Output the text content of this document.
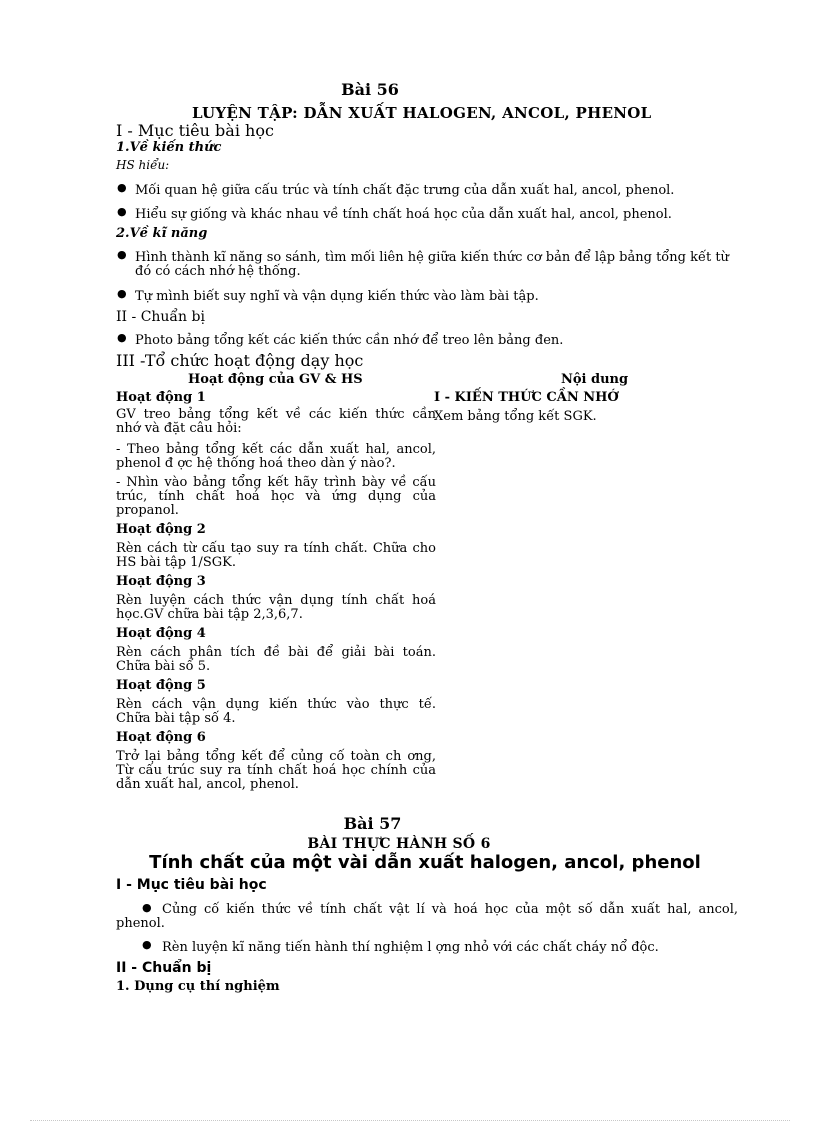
Bài 56
LUYỆN TẬP: DẪN XUẤT HALOGEN, ANCOL, PHENOL
I - Mục tiêu bài học
1.Về kiến thức
HS hiểu:
● Mối quan hệ giữa cấu trúc và tính chất đặc trưng của dẫn xuất hal, ancol, phenol.
● Hiểu sự giống và khác nhau về tính chất hoá học của dẫn xuất hal, ancol, phenol.
2.Về kĩ năng
● Hình thành kĩ năng so sánh, tìm mối liên hệ giữa kiến thức cơ bản để lập bảng tổng kết từ
đó có cách nhớ hệ thống.
● Tự mình biết suy nghĩ và vận dụng kiến thức vào làm bài tập.
II - Chuẩn bị
● Photo bảng tổng kết các kiến thức cần nhớ để treo lên bảng đen.
III -Tổ chức hoạt động dạy học
Hoạt động của GV & HS	Nội dung
Hoạt động 1
GV treo bảng tổng kết về các kiến thức cần
nhớ và đặt câu hỏi:
- Theo bảng tổng kết các dẫn xuất hal, ancol,
phenol đ ợc hệ thống hoá theo dàn ý nào?.
- Nhìn vào bảng tổng kết hãy trình bày về cấu
trúc, tính chất hoá học và ứng dụng của
propanol.
Hoạt động 2
Rèn cách từ cấu tạo suy ra tính chất. Chữa cho
HS bài tập 1/SGK.
Hoạt động 3
Rèn luyện cách thức vận dụng tính chất hoá
học.GV chữa bài tập 2,3,6,7.
Hoạt động 4
Rèn cách phân tích đề bài để giải bài toán.
Chữa bài số 5.
Hoạt động 5
Rèn cách vận dụng kiến thức vào thực tế.
Chữa bài tập số 4.
Hoạt động 6
Trở lại bảng tổng kết để củng cố toàn ch ơng,
Từ cấu trúc suy ra tính chất hoá học chính của
dẫn xuất hal, ancol, phenol.
I - KIẾN THỨC CẦN NHỚ
Xem bảng tổng kết SGK.
Bài 57
BÀI THỰC HÀNH SỐ 6
Tính chất của một vài dẫn xuất halogen, ancol, phenol
I - Mục tiêu bài học
● Củng cố kiến thức về tính chất vật lí và hoá học của một số dẫn xuất hal, ancol,
phenol.
● Rèn luyện kĩ năng tiến hành thí nghiệm l ợng nhỏ với các chất cháy nổ độc.
II - Chuẩn bị
1. Dụng cụ thí nghiệm
